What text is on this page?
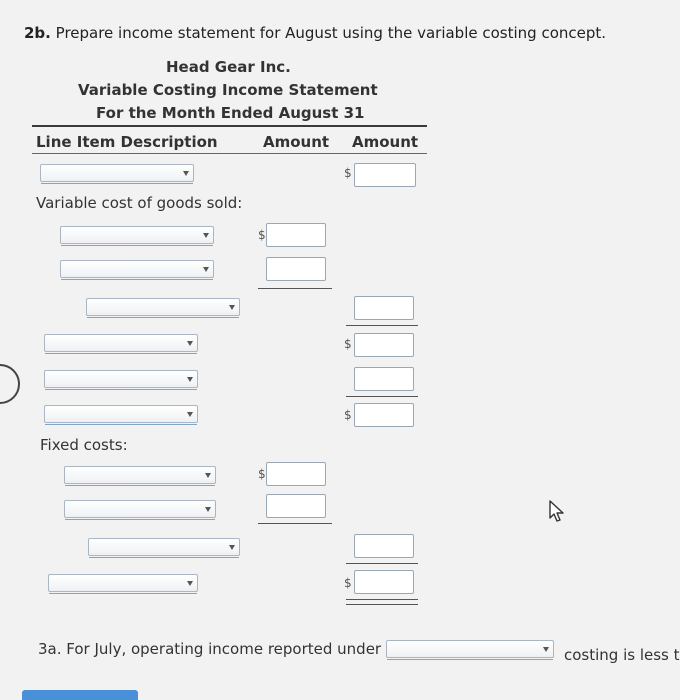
2b. Prepare income statement for August using the variable costing concept.
Head Gear Inc.
Variable Costing Income Statement
For the Month Ended August 31
Line Item Description	Amount Amount
$
Variable cost of goods sold:
$
$
$
Fixed costs:
$
$
3a. For July, operating income reported under	costing is less t
